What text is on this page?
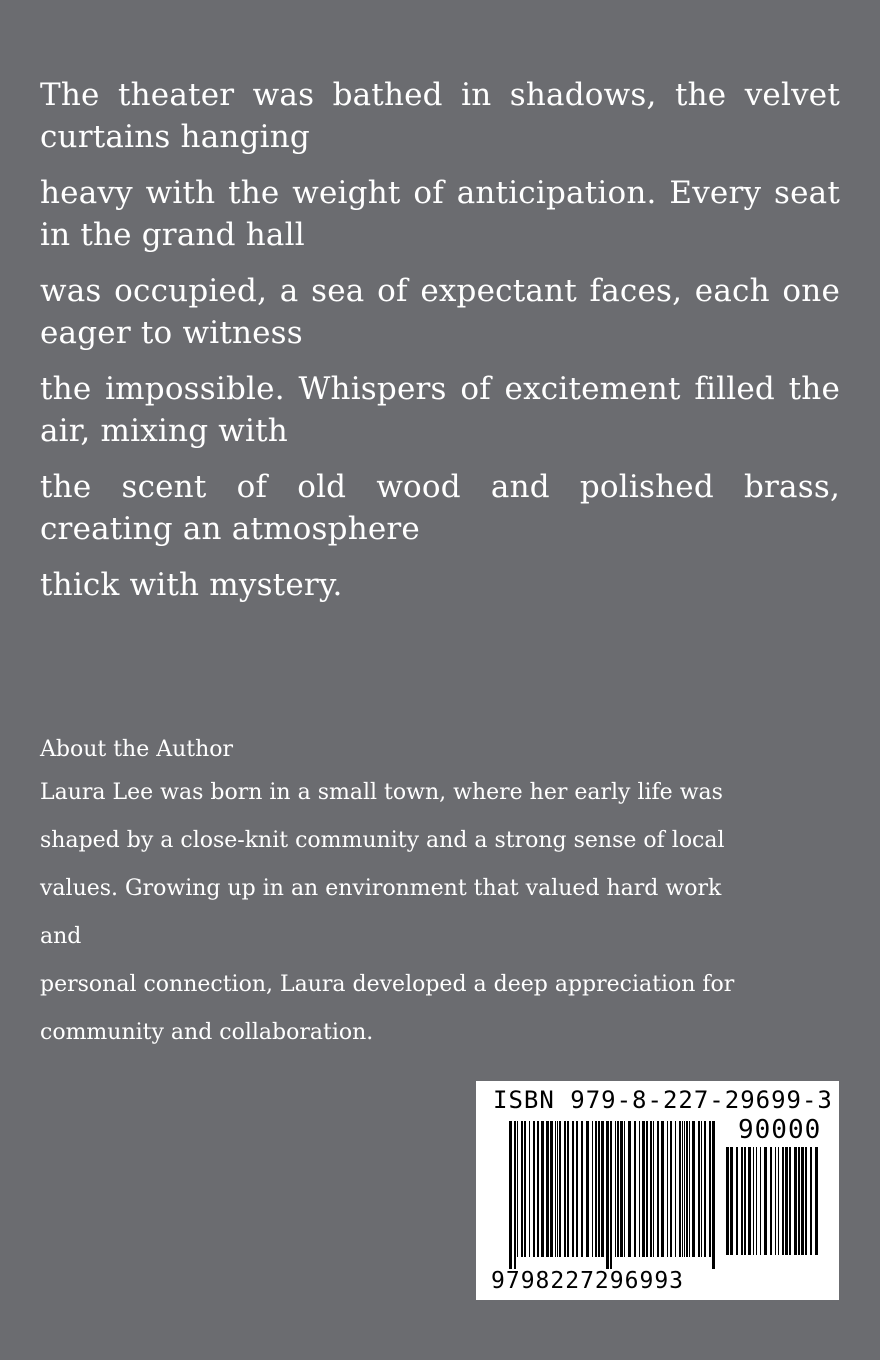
The theater was bathed in shadows, the velvet curtains hanging

heavy with the weight of anticipation. Every seat in the grand hall

was occupied, a sea of expectant faces, each one eager to witness

the impossible. Whispers of excitement filled the air, mixing with

the scent of old wood and polished brass, creating an atmosphere

thick with mystery.

About the Author

Laura Lee was born in a small town, where her early life was

shaped by a close-knit community and a strong sense of local

values. Growing up in an environment that valued hard work and

personal connection, Laura developed a deep appreciation for

community and collaboration.

ISBN 979-8-227-29699-3
90000
9798227296993
